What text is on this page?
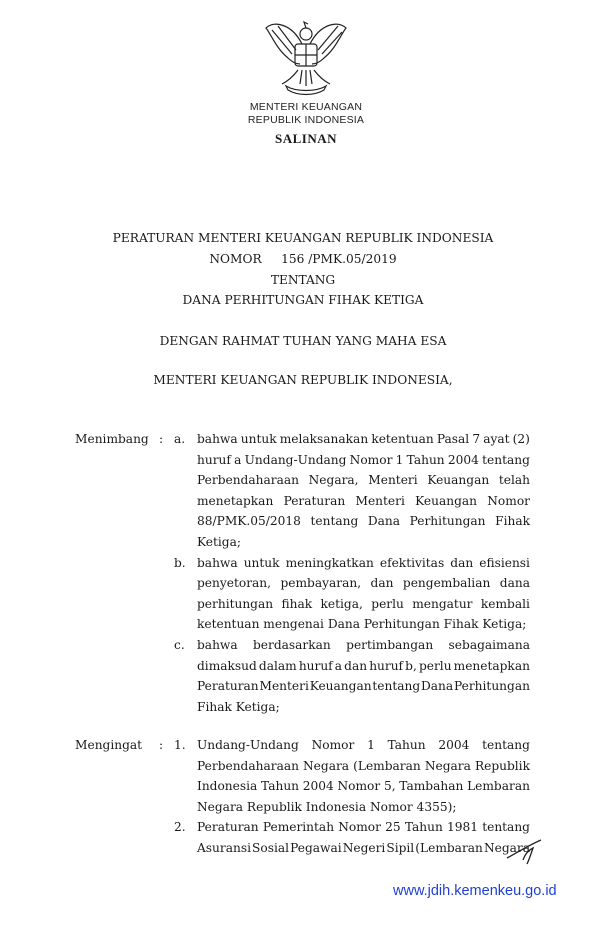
MENTERI KEUANGAN
REPUBLIK INDONESIA
SALINAN
PERATURAN MENTERI KEUANGAN REPUBLIK INDONESIA
NOMOR 156 /PMK.05/2019
TENTANG
DANA PERHITUNGAN FIHAK KETIGA
DENGAN RAHMAT TUHAN YANG MAHA ESA
MENTERI KEUANGAN REPUBLIK INDONESIA,
Menimbang : a. bahwa untuk melaksanakan ketentuan Pasal 7 ayat (2)
huruf a Undang-Undang Nomor 1 Tahun 2004 tentang
Perbendaharaan Negara, Menteri Keuangan telah
menetapkan Peraturan Menteri Keuangan Nomor
88/PMK.05/2018 tentang Dana Perhitungan Fihak
Ketiga;
b. bahwa untuk meningkatkan efektivitas dan efisiensi
penyetoran, pembayaran, dan pengembalian dana
perhitungan fihak ketiga, perlu mengatur kembali
ketentuan mengenai Dana Perhitungan Fihak Ketiga;
c. bahwa berdasarkan pertimbangan sebagaimana
dimaksud dalam huruf a dan huruf b, perlu menetapkan
Peraturan Menteri Keuangan tentang Dana Perhitungan
Fihak Ketiga;
Mengingat : 1. Undang-Undang Nomor 1 Tahun 2004 tentang
Perbendaharaan Negara (Lembaran Negara Republik
Indonesia Tahun 2004 Nomor 5, Tambahan Lembaran
Negara Republik Indonesia Nomor 4355);
2. Peraturan Pemerintah Nomor 25 Tahun 1981 tentang
Asuransi Sosial Pegawai Negeri Sipil (Lembaran Negara
www.jdih.kemenkeu.go.id
